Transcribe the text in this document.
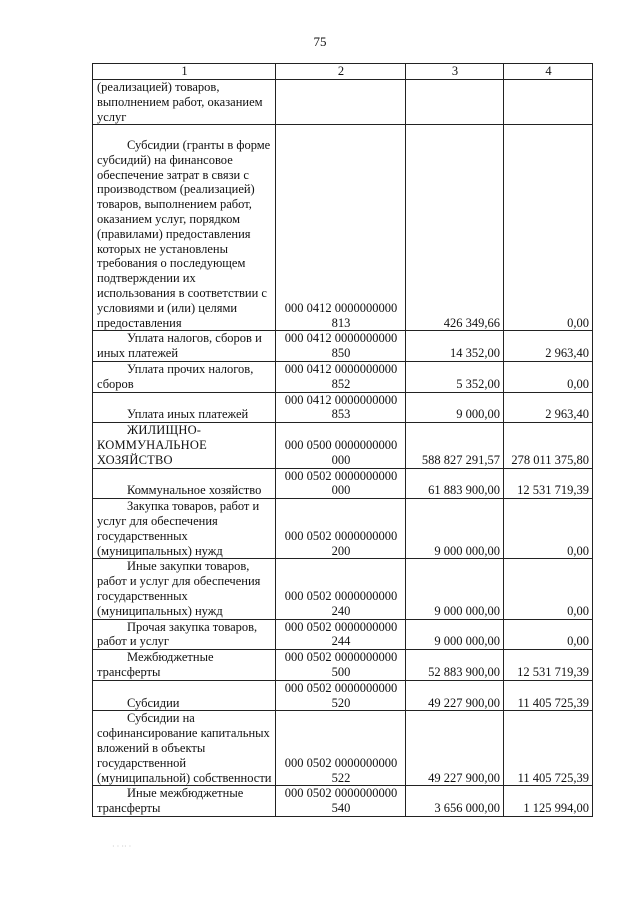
75
1	2	3	4
(реализацией) товаров, выполнением работ, оказанием услуг			

Субсидии (гранты в форме субсидий) на финансовое обеспечение затрат в связи с производством (реализацией) товаров, выполнением работ, оказанием услуг, порядком (правилами) предоставления которых не установлены требования о последующем подтверждении их использования в соответствии с условиями и (или) целями предоставления	000 0412 0000000000 813	426 349,66	0,00

Уплата налогов, сборов и иных платежей	000 0412 0000000000 850	14 352,00	2 963,40

Уплата прочих налогов, сборов	000 0412 0000000000 852	5 352,00	0,00

Уплата иных платежей	000 0412 0000000000 853	9 000,00	2 963,40

ЖИЛИЩНО-КОММУНАЛЬНОЕ ХОЗЯЙСТВО	000 0500 0000000000 000	588 827 291,57	278 011 375,80

Коммунальное хозяйство	000 0502 0000000000 000	61 883 900,00	12 531 719,39

Закупка товаров, работ и услуг для обеспечения государственных (муниципальных) нужд	000 0502 0000000000 200	9 000 000,00	0,00

Иные закупки товаров, работ и услуг для обеспечения государственных (муниципальных) нужд	000 0502 0000000000 240	9 000 000,00	0,00

Прочая закупка товаров, работ и услуг	000 0502 0000000000 244	9 000 000,00	0,00

Межбюджетные трансферты	000 0502 0000000000 500	52 883 900,00	12 531 719,39

Субсидии	000 0502 0000000000 520	49 227 900,00	11 405 725,39

Субсидии на софинансирование капитальных вложений в объекты государственной (муниципальной) собственности	000 0502 0000000000 522	49 227 900,00	11 405 725,39

Иные межбюджетные трансферты	000 0502 0000000000 540	3 656 000,00	1 125 994,00
· · ·· ·
